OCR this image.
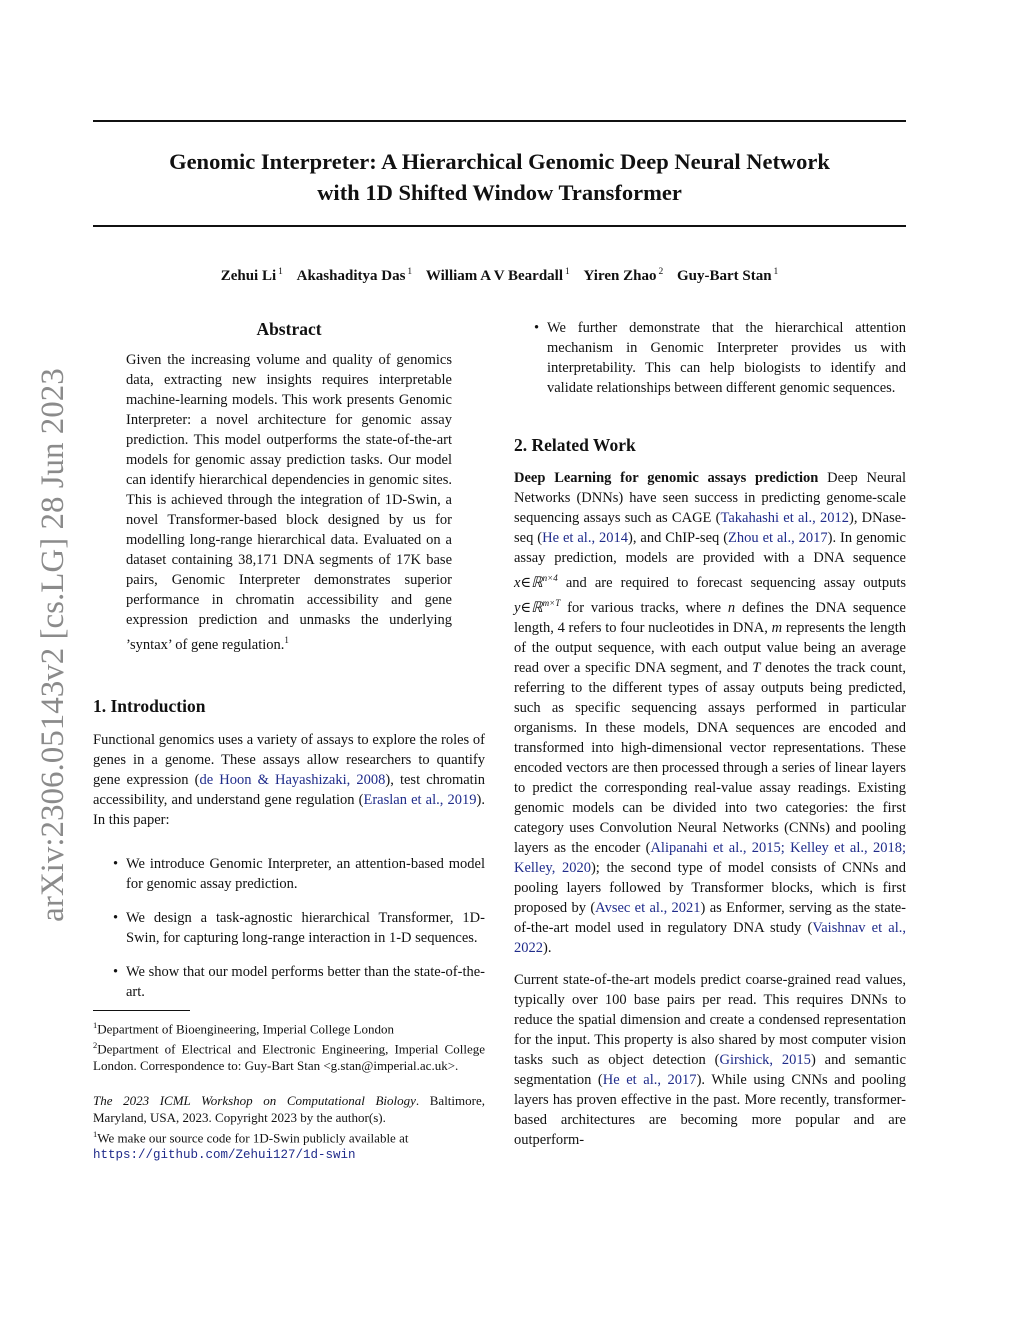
Genomic Interpreter: A Hierarchical Genomic Deep Neural Network
with 1D Shifted Window Transformer
Zehui Li $^1$ Akashaditya Das $^1$ William A V Beardall $^1$ Yiren Zhao $^2$ Guy-Bart Stan $^1$
arXiv:2306.05143v2 [cs.LG] 28 Jun 2023
Abstract
Given the increasing volume and quality of genomics data, extracting new insights requires interpretable machine-learning models. This work presents Genomic Interpreter: a novel architecture for genomic assay prediction. This model outperforms the state-of-the-art models for genomic assay prediction tasks. Our model can identify hierarchical dependencies in genomic sites. This is achieved through the integration of 1D-Swin, a novel Transformer-based block designed by us for modelling long-range hierarchical data. Evaluated on a dataset containing 38,171 DNA segments of 17K base pairs, Genomic Interpreter demonstrates superior performance in chromatin accessibility and gene expression prediction and unmasks the underlying ’syntax’ of gene regulation.$^1$
1. Introduction
Functional genomics uses a variety of assays to explore the roles of genes in a genome. These assays allow researchers to quantify gene expression (de Hoon & Hayashizaki, 2008), test chromatin accessibility, and understand gene regulation (Eraslan et al., 2019). In this paper:
• We introduce Genomic Interpreter, an attention-based model for genomic assay prediction.
• We design a task-agnostic hierarchical Transformer, 1D-Swin, for capturing long-range interaction in 1-D sequences.
• We show that our model performs better than the state-of-the-art.
$^1$Department of Bioengineering, Imperial College London
$^2$Department of Electrical and Electronic Engineering, Imperial College London. Correspondence to: Guy-Bart Stan <g.stan@imperial.ac.uk>.
The 2023 ICML Workshop on Computational Biology. Baltimore, Maryland, USA, 2023. Copyright 2023 by the author(s).
$^1$We make our source code for 1D-Swin publicly available at
https://github.com/Zehui127/1d-swin
• We further demonstrate that the hierarchical attention mechanism in Genomic Interpreter provides us with interpretability. This can help biologists to identify and validate relationships between different genomic sequences.
2. Related Work
Deep Learning for genomic assays prediction Deep Neural Networks (DNNs) have seen success in predicting genome-scale sequencing assays such as CAGE (Takahashi et al., 2012), DNase-seq (He et al., 2014), and ChIP-seq (Zhou et al., 2017). In genomic assay prediction, models are provided with a DNA sequence x∈ℝ$^{n\times 4}$ and are required to forecast sequencing assay outputs y∈ℝ$^{m\times T}$ for various tracks, where n defines the DNA sequence length, 4 refers to four nucleotides in DNA, m represents the length of the output sequence, with each output value being an average read over a specific DNA segment, and T denotes the track count, referring to the different types of assay outputs being predicted, such as specific sequencing assays performed in particular organisms. In these models, DNA sequences are encoded and transformed into high-dimensional vector representations. These encoded vectors are then processed through a series of linear layers to predict the corresponding real-value assay readings. Existing genomic models can be divided into two categories: the first category uses Convolution Neural Networks (CNNs) and pooling layers as the encoder (Alipanahi et al., 2015; Kelley et al., 2018; Kelley, 2020); the second type of model consists of CNNs and pooling layers followed by Transformer blocks, which is first proposed by (Avsec et al., 2021) as Enformer, serving as the state-of-the-art model used in regulatory DNA study (Vaishnav et al., 2022).
Current state-of-the-art models predict coarse-grained read values, typically over 100 base pairs per read. This requires DNNs to reduce the spatial dimension and create a condensed representation for the input. This property is also shared by most computer vision tasks such as object detection (Girshick, 2015) and semantic segmentation (He et al., 2017). While using CNNs and pooling layers has proven effective in the past. More recently, transformer-based architectures are becoming more popular and are outperform-
